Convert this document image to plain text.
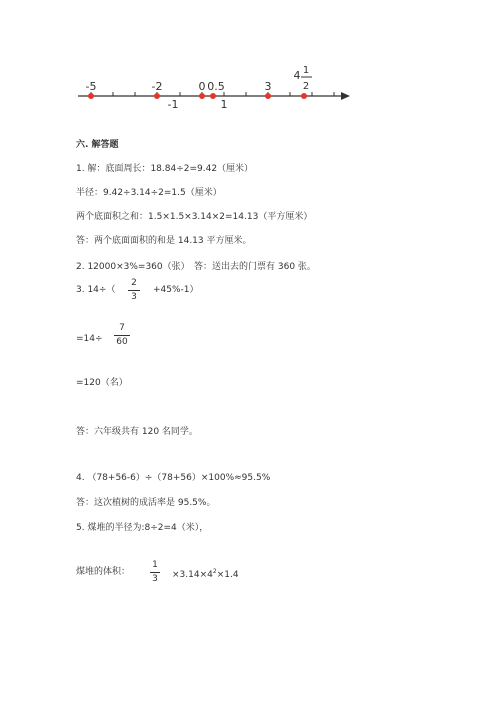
-5	-2	0 0.5	3
-1	1
4 1
2
六. 解答题
1. 解：底面周长：18.84÷2=9.42（厘米）
半径：9.42÷3.14÷2=1.5（厘米）
两个底面积之和：1.5×1.5×3.14×2=14.13（平方厘米）
答：两个底面面积的和是 14.13 平方厘米。
2. 12000×3%=360（张） 答：送出去的门票有 360 张。
3. 14÷（
2
3
+45%-1）
=14÷
7
60
=120（名）
答：六年级共有 120 名同学。
4. （78+56-6）÷（78+56）×100%≈95.5%
答：这次植树的成活率是 95.5%。
5. 煤堆的半径为:8÷2=4（米），
煤堆的体积：
1
$3 \times 3.14\times 4^2\times 1.4$
